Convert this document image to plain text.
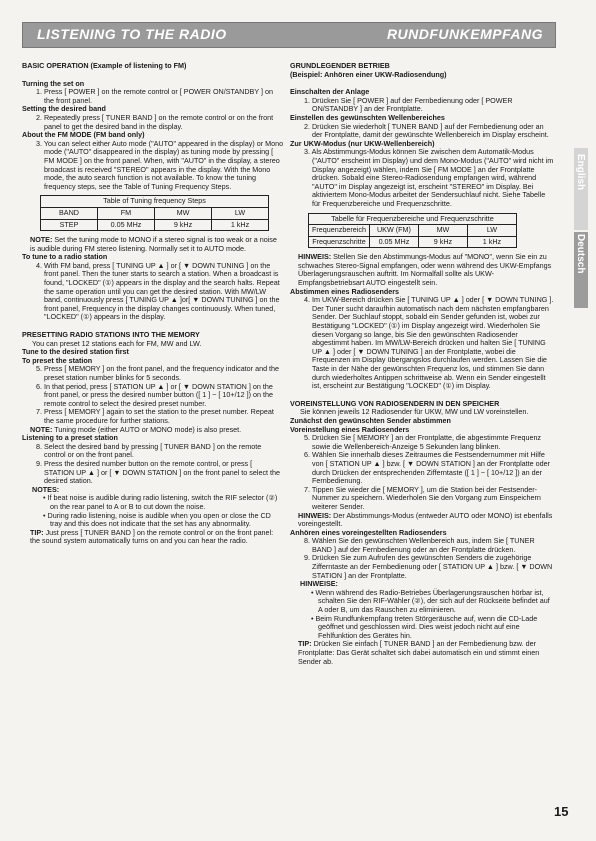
LISTENING TO THE RADIO	RUNDFUNKEMPFANG
English
Deutsch

BASIC OPERATION (Example of listening to FM)

Turning the set on

1. Press [ POWER ] on the remote control or [ POWER ON/STANDBY ] on the front panel.

Setting the desired band

2. Repeatedly press [ TUNER BAND ] on the remote control or on the front panel to get the desired band in the display.

About the FM MODE (FM band only)

3. You can select either Auto mode ("AUTO" appeared in the display) or Mono mode ("AUTO" disappeared in the display) as tuning mode by pressing [ FM MODE ] on the front panel. When, with "AUTO" in the display, a stereo broadcast is received "STEREO" appears in the display. With the Mono mode, the auto search function is not available. To know the tuning frequency steps, see the Table of Tuning Frequency Steps.

Table of Tuning frequency Steps			
BAND	FM	MW	LW
STEP	0.05 MHz	9 kHz	1 kHz

NOTE: Set the tuning mode to MONO if a stereo signal is too weak or a noise is audible during FM stereo listening. Normally set it to AUTO mode.

To tune to a radio station

4. With FM band, press [ TUNING UP ▲ ] or [ ▼ DOWN TUNING ] on the front panel. Then the tuner starts to search a station. When a broadcast is found, "LOCKED" (①) appears in the display and the search halts. Repeat the same operation until you can get the desired station. With MW/LW band, continuously press [ TUNING UP ▲ ]or[ ▼ DOWN TUNING ] on the front panel, Frequency in the display changes continuously. When tuned, "LOCKED" (①) appears in the display.

PRESETTING RADIO STATIONS INTO THE MEMORY

You can preset 12 stations each for FM, MW and LW.

Tune to the desired station first

To preset the station

5. Press [ MEMORY ] on the front panel, and the frequency indicator and the preset station number blinks for 5 seconds.

6. In that period, press [ STATION UP ▲ ] or [ ▼ DOWN STATION ] on the front panel, or press the desired number button ([ 1 ] ~ [ 10+/12 ]) on the remote control to select the desired preset number.

7. Press [ MEMORY ] again to set the station to the preset number. Repeat the same procedure for further stations.

NOTE: Tuning mode (either AUTO or MONO mode) is also preset.

Listening to a preset station

8. Select the desired band by pressing [ TUNER BAND ] on the remote control or on the front panel.

9. Press the desired number button on the remote control, or press [ STATION UP ▲ ] or [ ▼ DOWN STATION ] on the front panel to select the desired station.

NOTES:

• If beat noise is audible during radio listening, switch the RIF selector (②) on the rear panel to A or B to cut down the noise.

• During radio listening, noise is audible when you open or close the CD tray and this does not indicate that the set has any abnormality.

TIP: Just press [ TUNER BAND ] on the remote control or on the front panel: the sound system automatically turns on and you can hear the radio.

GRUNDLEGENDER BETRIEB

(Beispiel: Anhören einer UKW-Radiosendung)

Einschalten der Anlage

1. Drücken Sie [ POWER ] auf der Fernbedienung oder [ POWER ON/STANDBY ] an der Frontplatte.

Einstellen des gewünschten Wellenbereiches

2. Drücken Sie wiederholt [ TUNER BAND ] auf der Fernbedienung oder an der Frontplatte, damit der gewünschte Wellenbereich im Display erscheint.

Zur UKW-Modus (nur UKW-Wellenbereich)

3. Als Abstimmungs-Modus können Sie zwischen dem Automatik-Modus ("AUTO" erscheint im Display) und dem Mono-Modus ("AUTO" wird nicht im Display angezeigt) wählen, indem Sie [ FM MODE ] an der Frontplatte drücken. Sobald eine Stereo-Radiosendung empfangen wird, während "AUTO" im Display angezeigt ist, erscheint "STEREO" im Display. Bei aktiviertem Mono-Modus arbeitet der Sendersuchlauf nicht. Siehe Tabelle für Frequenzbereiche und Frequenzschritte.

Tabelle für Frequenzbereiche und Frequenzschritte			
Frequenzbereich	UKW (FM)	MW	LW
Frequenzschritte	0.05 MHz	9 kHz	1 kHz

HINWEIS: Stellen Sie den Abstimmungs-Modus auf "MONO", wenn Sie ein zu schwaches Stereo-Signal empfangen, oder wenn während des UKW-Empfangs Überlagerungsrauschen auftritt. Im Normalfall sollte als UKW-Empfangsbetriebsart AUTO eingestellt sein.

Abstimmen eines Radiosenders

4. Im UKW-Bereich drücken Sie [ TUNING UP ▲ ] oder [ ▼ DOWN TUNING ]. Der Tuner sucht daraufhin automatisch nach dem nächsten empfangbaren Sender. Der Suchlauf stoppt, sobald ein Sender gefunden ist, wobei zur Bestätigung "LOCKED" (①) im Display angezeigt wird. Wiederholen Sie diesen Vorgang so lange, bis Sie den gewünschten Radiosender abgestimmt haben. Im MW/LW-Bereich drücken und halten Sie [ TUNING UP ▲ ] oder [ ▼ DOWN TUNING ] an der Frontplatte, wobei die Frequenzen im Display übergangslos durchlaufen werden. Lassen Sie die Taste in der Nähe der gewünschten Frequenz los, und stimmen Sie dann durch wiederholtes Antippen schrittweise ab. Wenn ein Sender eingestellt ist, erscheint zur Bestätigung "LOCKED" (①) im Display.

VOREINSTELLUNG VON RADIOSENDERN IN DEN SPEICHER

Sie können jeweils 12 Radiosender für UKW, MW und LW voreinstellen.

Zunächst den gewünschten Sender abstimmen

Voreinstellung eines Radiosenders

5. Drücken Sie [ MEMORY ] an der Frontplatte, die abgestimmte Frequenz sowie die Wellenbereich-Anzeige 5 Sekunden lang blinken.

6. Wählen Sie innerhalb dieses Zeitraumes die Festsendernummer mit Hilfe von [ STATION UP ▲ ] bzw. [ ▼ DOWN STATION ] an der Frontplatte oder durch Drücken der entsprechenden Zifferntaste ([ 1 ] ~ [ 10+/12 ]) an der Fernbedienung.

7. Tippen Sie wieder die [ MEMORY ], um die Station bei der Festsender-Nummer zu speichern. Wiederholen Sie den Vorgang zum Einspeichern weiterer Sender.

HINWEIS: Der Abstimmungs-Modus (entweder AUTO oder MONO) ist ebenfalls voreingestellt.

Anhören eines voreingestellten Radiosenders

8. Wählen Sie den gewünschten Wellenbereich aus, indem Sie [ TUNER BAND ] auf der Fernbedienung oder an der Frontplatte drücken.

9. Drücken Sie zum Aufrufen des gewünschten Senders die zugehörige Zifferntaste an der Fernbedienung oder [ STATION UP ▲ ] bzw. [ ▼ DOWN STATION ] an der Frontplatte.

HINWEISE:

• Wenn während des Radio-Betriebes Überlagerungsrauschen hörbar ist, schalten Sie den RIF-Wähler (②), der sich auf der Rückseite befindet auf A oder B, um das Rauschen zu eliminieren.

• Beim Rundfunkempfang treten Störgeräusche auf, wenn die CD-Lade geöffnet und geschlossen wird. Dies weist jedoch nicht auf eine Fehlfunktion des Gerätes hin.

TIP: Drücken Sie einfach [ TUNER BAND ] an der Fernbedienung bzw. der Frontplatte: Das Gerät schaltet sich dabei automatisch ein und stimmt einen Sender ab.

15
